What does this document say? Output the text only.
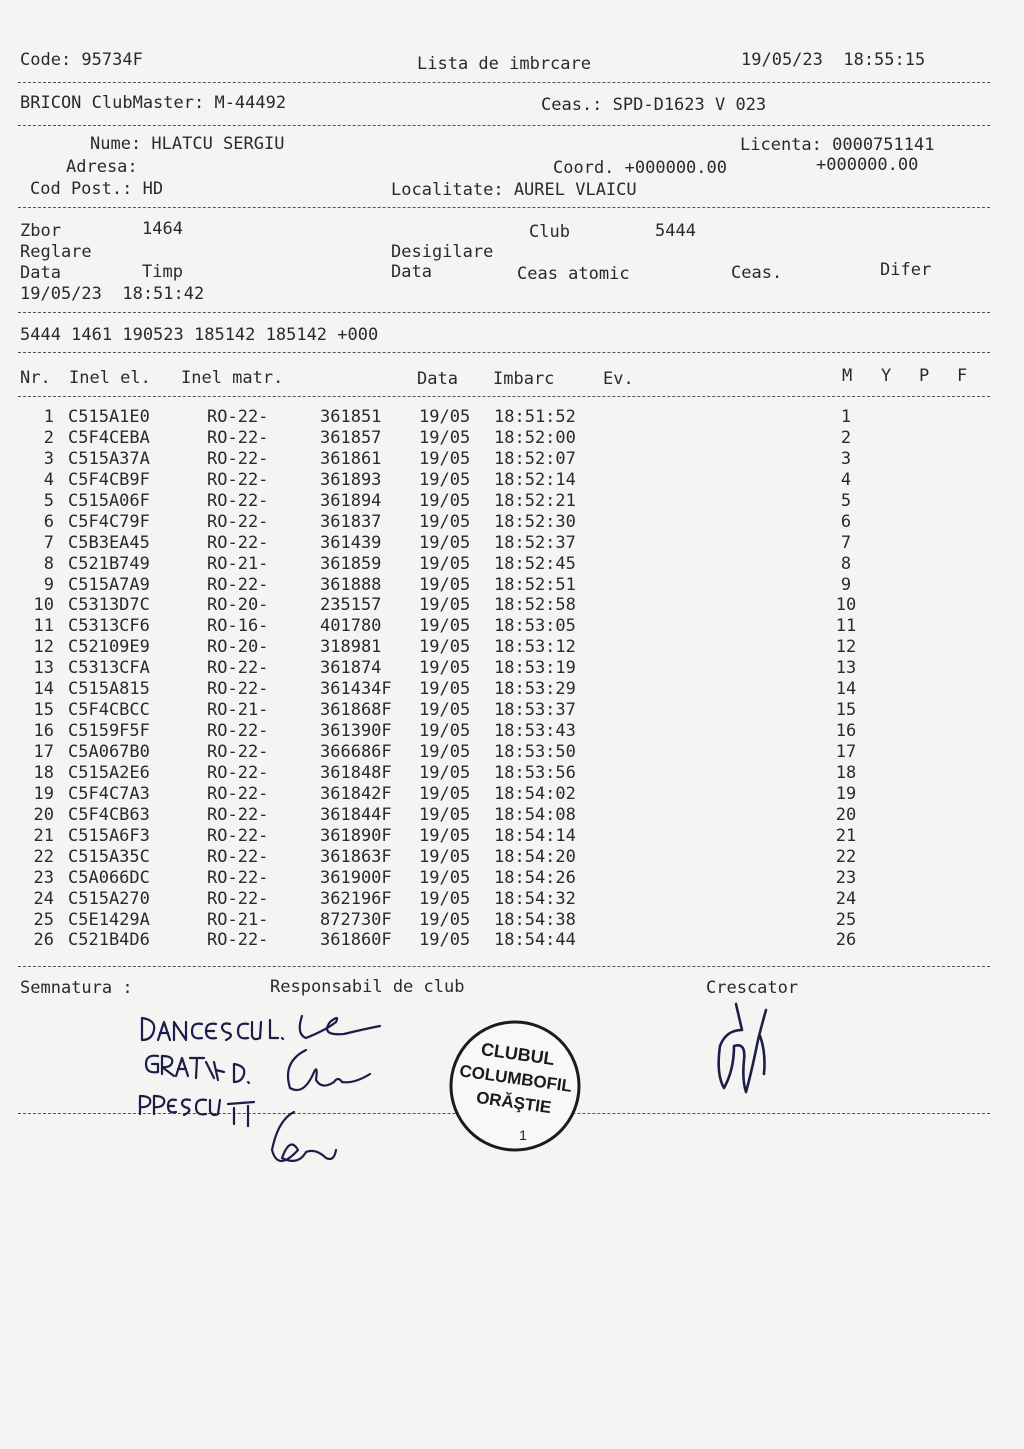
Code: 95734F	Lista de imbrcare	19/05/23  18:55:15
BRICON ClubMaster: M-44492	Ceas.: SPD-D1623 V 023
Nume: HLATCU SERGIU	Licenta: 0000751141
Adresa:	Coord. +000000.00	+000000.00
Cod Post.: HD	Localitate: AUREL VLAICU
Zbor	1464	Club	5444
Reglare	Desigilare
Data	Timp	Data	Ceas atomic	Ceas.	Difer
19/05/23  18:51:42
5444 1461 190523 185142 185142 +000
Nr. Inel el. Inel matr.	Data Imbarc	Ev.	M Y P F
1 C515A1E0	RO-22-	361851 19/05 18:51:52	1
2 C5F4CEBA	RO-22-	361857 19/05 18:52:00	2
3 C515A37A	RO-22-	361861 19/05 18:52:07	3
4 C5F4CB9F	RO-22-	361893 19/05 18:52:14	4
5 C515A06F	RO-22-	361894 19/05 18:52:21	5
6 C5F4C79F	RO-22-	361837 19/05 18:52:30	6
7 C5B3EA45	RO-22-	361439 19/05 18:52:37	7
8 C521B749	RO-21-	361859 19/05 18:52:45	8
9 C515A7A9	RO-22-	361888 19/05 18:52:51	9
10 C5313D7C	RO-20-	235157 19/05 18:52:58	10
11 C5313CF6	RO-16-	401780 19/05 18:53:05	11
12 C52109E9	RO-20-	318981 19/05 18:53:12	12
13 C5313CFA	RO-22-	361874 19/05 18:53:19	13
14 C515A815	RO-22-	361434F 19/05 18:53:29	14
15 C5F4CBCC	RO-21-	361868F 19/05 18:53:37	15
16 C5159F5F	RO-22-	361390F 19/05 18:53:43	16
17 C5A067B0	RO-22-	366686F 19/05 18:53:50	17
18 C515A2E6	RO-22-	361848F 19/05 18:53:56	18
19 C5F4C7A3	RO-22-	361842F 19/05 18:54:02	19
20 C5F4CB63	RO-22-	361844F 19/05 18:54:08	20
21 C515A6F3	RO-22-	361890F 19/05 18:54:14	21
22 C515A35C	RO-22-	361863F 19/05 18:54:20	22
23 C5A066DC	RO-22-	361900F 19/05 18:54:26	23
24 C515A270	RO-22-	362196F 19/05 18:54:32	24
25 C5E1429A	RO-21-	872730F 19/05 18:54:38	25
26 C521B4D6	RO-22-	361860F 19/05 18:54:44	26
Semnatura :	Responsabil de club	Crescator
CLUBUL
COLUMBOFIL
ORĂŞTIE
1
